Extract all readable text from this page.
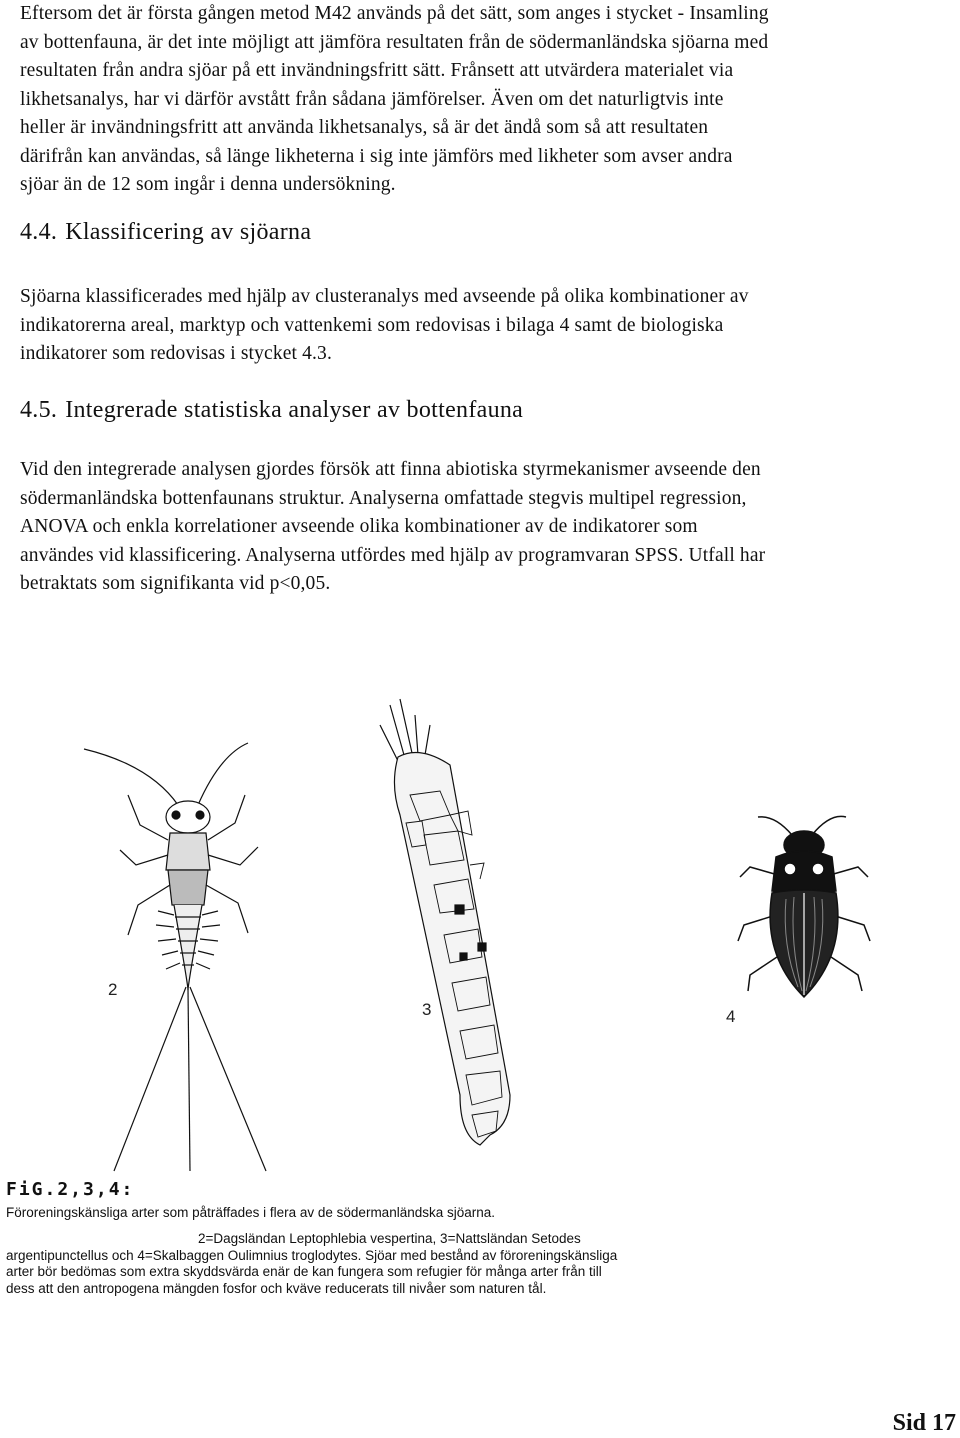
Eftersom det är första gången metod M42 används på det sätt, som anges i stycket - Insamling
av bottenfauna, är det inte möjligt att jämföra resultaten från de södermanländska sjöarna med
resultaten från andra sjöar på ett invändningsfritt sätt. Frånsett att utvärdera materialet via
likhetsanalys, har vi därför avstått från sådana jämförelser. Även om det naturligtvis inte
heller är invändningsfritt att använda likhetsanalys, så är det ändå som så att resultaten
därifrån kan användas, så länge likheterna i sig inte jämförs med likheter som avser andra
sjöar än de 12 som ingår i denna undersökning.

4.4. Klassificering av sjöarna

Sjöarna klassificerades med hjälp av clusteranalys med avseende på olika kombinationer av
indikatorerna areal, marktyp och vattenkemi som redovisas i bilaga 4 samt de biologiska
indikatorer som redovisas i stycket 4.3.

4.5. Integrerade statistiska analyser av bottenfauna

Vid den integrerade analysen gjordes försök att finna abiotiska styrmekanismer avseende den
södermanländska bottenfaunans struktur. Analyserna omfattade stegvis multipel regression,
ANOVA och enkla korrelationer avseende olika kombinationer av de indikatorer som
användes vid klassificering. Analyserna utfördes med hjälp av programvaran SPSS. Utfall har
betraktats som signifikanta vid p<0,05.

2
3	4
FiG.2,3,4:
Föroreningskänsliga arter som påträffades i flera av de södermanländska sjöarna.
2=Dagsländan Leptophlebia vespertina, 3=Nattsländan Setodes
argentipunctellus och 4=Skalbaggen Oulimnius troglodytes. Sjöar med bestånd av föroreningskänsliga
arter bör bedömas som extra skyddsvärda enär de kan fungera som refugier för många arter från till
dess att den antropogena mängden fosfor och kväve reducerats till nivåer som naturen tål.
Sid 17
